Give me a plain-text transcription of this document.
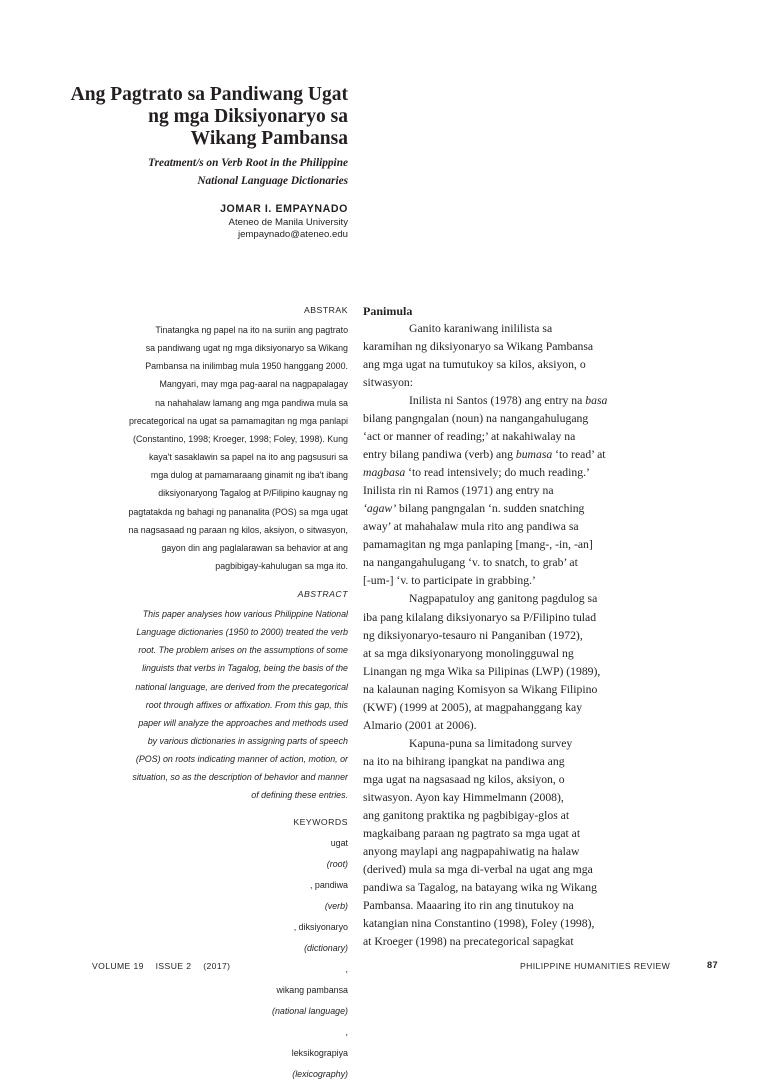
Ang Pagtrato sa Pandiwang Ugat
ng mga Diksiyonaryo sa
Wikang Pambansa
Treatment/s on Verb Root in the Philippine
National Language Dictionaries
JOMAR I. EMPAYNADO
Ateneo de Manila University
jempaynado@ateneo.edu
ABSTRAK
Tinatangka ng papel na ito na suriin ang pagtrato
sa pandiwang ugat ng mga diksiyonaryo sa Wikang
Pambansa na inilimbag mula 1950 hanggang 2000.
Mangyari, may mga pag-aaral na nagpapalagay
na nahahalaw lamang ang mga pandiwa mula sa
precategorical na ugat sa pamamagitan ng mga panlapi
(Constantino, 1998; Kroeger, 1998; Foley, 1998). Kung
kaya't sasaklawin sa papel na ito ang pagsusuri sa
mga dulog at pamamaraang ginamit ng iba't ibang
diksiyonaryong Tagalog at P/Filipino kaugnay ng
pagtatakda ng bahagi ng pananalita (POS) sa mga ugat
na nagsasaad ng paraan ng kilos, aksiyon, o sitwasyon,
gayon din ang paglalarawan sa behavior at ang
pagbibigay-kahulugan sa mga ito.
ABSTRACT
This paper analyses how various Philippine National
Language dictionaries (1950 to 2000) treated the verb
root. The problem arises on the assumptions of some
linguists that verbs in Tagalog, being the basis of the
national language, are derived from the precategorical
root through affixes or affixation. From this gap, this
paper will analyze the approaches and methods used
by various dictionaries in assigning parts of speech
(POS) on roots indicating manner of action, motion, or
situation, so as the description of behavior and manner
of defining these entries.
KEYWORDS
ugat
(root)
, pandiwa
(verb)
, diksiyonaryo
(dictionary)
,
wikang pambansa
(national language)
,
leksikograpiya
(lexicography)
Panimula
Ganito karaniwang inililista sa
karamihan ng diksiyonaryo sa Wikang Pambansa
ang mga ugat na tumutukoy sa kilos, aksiyon, o
sitwasyon:
Inilista ni Santos (1978) ang entry na basa
bilang pangngalan (noun) na nangangahulugang
‘act or manner of reading;’ at nakahiwalay na
entry bilang pandiwa (verb) ang bumasa ‘to read’ at
magbasa ‘to read intensively; do much reading.’
Inilista rin ni Ramos (1971) ang entry na
‘agaw’ bilang pangngalan ‘n. sudden snatching
away’ at mahahalaw mula rito ang pandiwa sa
pamamagitan ng mga panlaping [mang-, -in, -an]
na nangangahulugang ‘v. to snatch, to grab’ at
[-um-] ‘v. to participate in grabbing.’
Nagpapatuloy ang ganitong pagdulog sa
iba pang kilalang diksiyonaryo sa P/Filipino tulad
ng diksiyonaryo-tesauro ni Panganiban (1972),
at sa mga diksiyonaryong monolingguwal ng
Linangan ng mga Wika sa Pilipinas (LWP) (1989),
na kalaunan naging Komisyon sa Wikang Filipino
(KWF) (1999 at 2005), at magpahanggang kay
Almario (2001 at 2006).
Kapuna-puna sa limitadong survey
na ito na bihirang ipangkat na pandiwa ang
mga ugat na nagsasaad ng kilos, aksiyon, o
sitwasyon. Ayon kay Himmelmann (2008),
ang ganitong praktika ng pagbibigay-glos at
magkaibang paraan ng pagtrato sa mga ugat at
anyong maylapi ang nagpapahiwatig na halaw
(derived) mula sa mga di-verbal na ugat ang mga
pandiwa sa Tagalog, na batayang wika ng Wikang
Pambansa. Maaaring ito rin ang tinutukoy na
katangian nina Constantino (1998), Foley (1998),
at Kroeger (1998) na precategorical sapagkat
VOLUME 19 ISSUE 2 (2017)	PHILIPPINE HUMANITIES REVIEW	87
